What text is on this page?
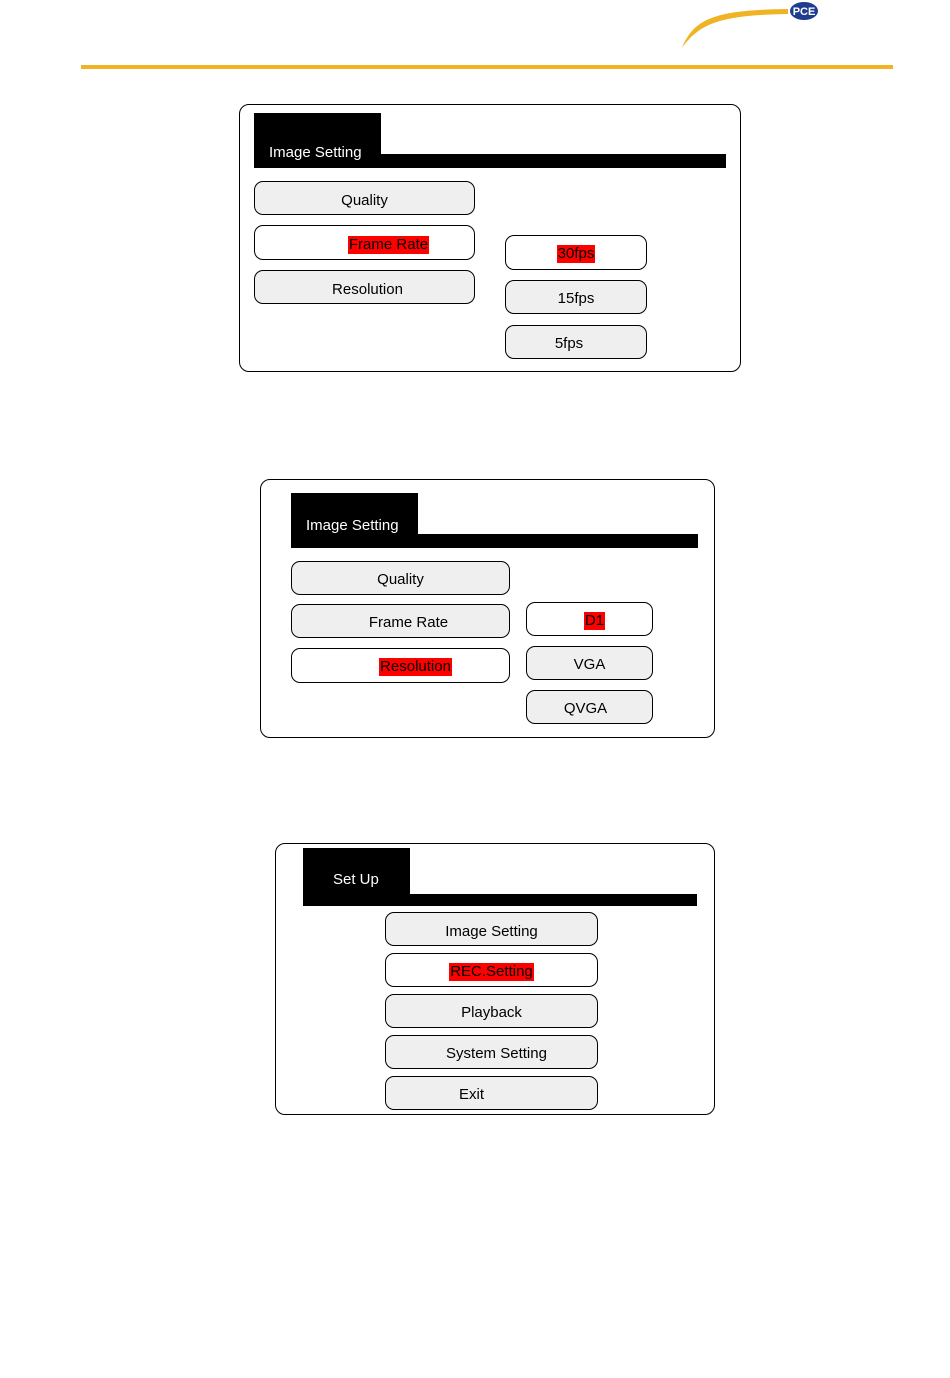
PCE
Image Setting
Quality
Frame Rate
Resolution
30fps
15fps
5fps
Image Setting
Quality
Frame Rate
Resolution
D1
VGA
QVGA
Set Up
Image Setting
REC.Setting
Playback
System Setting
Exit
